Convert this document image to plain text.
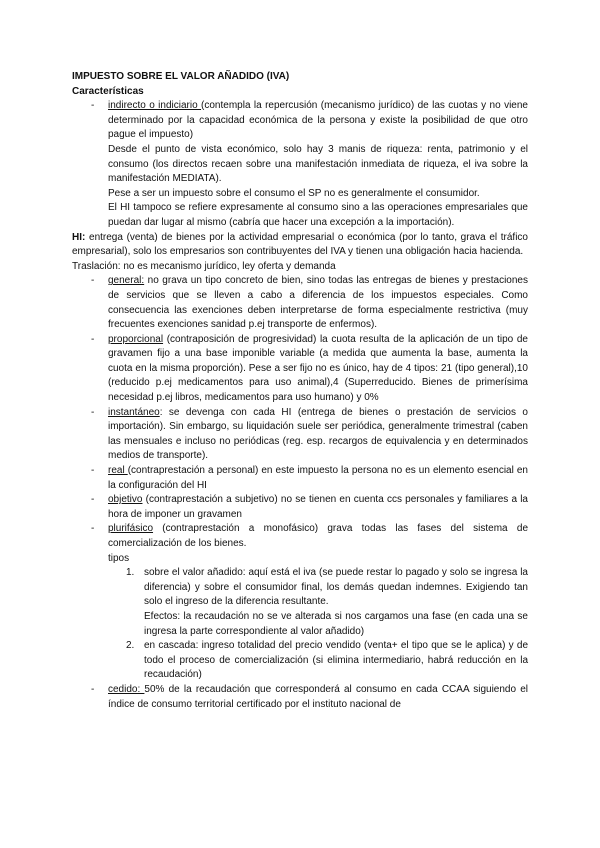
IMPUESTO SOBRE EL VALOR AÑADIDO (IVA)

Características

- indirecto o indiciario (contempla la repercusión (mecanismo jurídico) de las cuotas y no viene determinado por la capacidad económica de la persona y existe la posibilidad de que otro pague el impuesto)

Desde el punto de vista económico, solo hay 3 manis de riqueza: renta, patrimonio y el consumo (los directos recaen sobre una manifestación inmediata de riqueza, el iva sobre la manifestación MEDIATA).

Pese a ser un impuesto sobre el consumo el SP no es generalmente el consumidor.

El HI tampoco se refiere expresamente al consumo sino a las operaciones empresariales que puedan dar lugar al mismo (cabría que hacer una excepción a la importación).

HI: entrega (venta) de bienes por la actividad empresarial o económica (por lo tanto, grava el tráfico empresarial), solo los empresarios son contribuyentes del IVA y tienen una obligación hacia hacienda.

Traslación: no es mecanismo jurídico, ley oferta y demanda

- general: no grava un tipo concreto de bien, sino todas las entregas de bienes y prestaciones de servicios que se lleven a cabo a diferencia de los impuestos especiales. Como consecuencia las exenciones deben interpretarse de forma especialmente restrictiva (muy frecuentes exenciones sanidad p.ej transporte de enfermos).
- proporcional (contraposición de progresividad) la cuota resulta de la aplicación de un tipo de gravamen fijo a una base imponible variable (a medida que aumenta la base, aumenta la cuota en la misma proporción). Pese a ser fijo no es único, hay de 4 tipos: 21 (tipo general),10 (reducido p.ej medicamentos para uso animal),4 (Superreducido. Bienes de primerísima necesidad p.ej libros, medicamentos para uso humano) y 0%
- instantáneo: se devenga con cada HI (entrega de bienes o prestación de servicios o importación). Sin embargo, su liquidación suele ser periódica, generalmente trimestral (caben las mensuales e incluso no periódicas (reg. esp. recargos de equivalencia y en determinados medios de transporte).
- real (contraprestación a personal) en este impuesto la persona no es un elemento esencial en la configuración del HI
- objetivo (contraprestación a subjetivo) no se tienen en cuenta ccs personales y familiares a la hora de imponer un gravamen
- plurifásico (contraprestación a monofásico) grava todas las fases del sistema de comercialización de los bienes.

tipos

1. sobre el valor añadido: aquí está el iva (se puede restar lo pagado y solo se ingresa la diferencia) y sobre el consumidor final, los demás quedan indemnes. Exigiendo tan solo el ingreso de la diferencia resultante.

Efectos: la recaudación no se ve alterada si nos cargamos una fase (en cada una se ingresa la parte correspondiente al valor añadido)

2. en cascada: ingreso totalidad del precio vendido (venta+ el tipo que se le aplica) y de todo el proceso de comercialización (si elimina intermediario, habrá reducción en la recaudación)
- cedido: 50% de la recaudación que corresponderá al consumo en cada CCAA siguiendo el índice de consumo territorial certificado por el instituto nacional de
